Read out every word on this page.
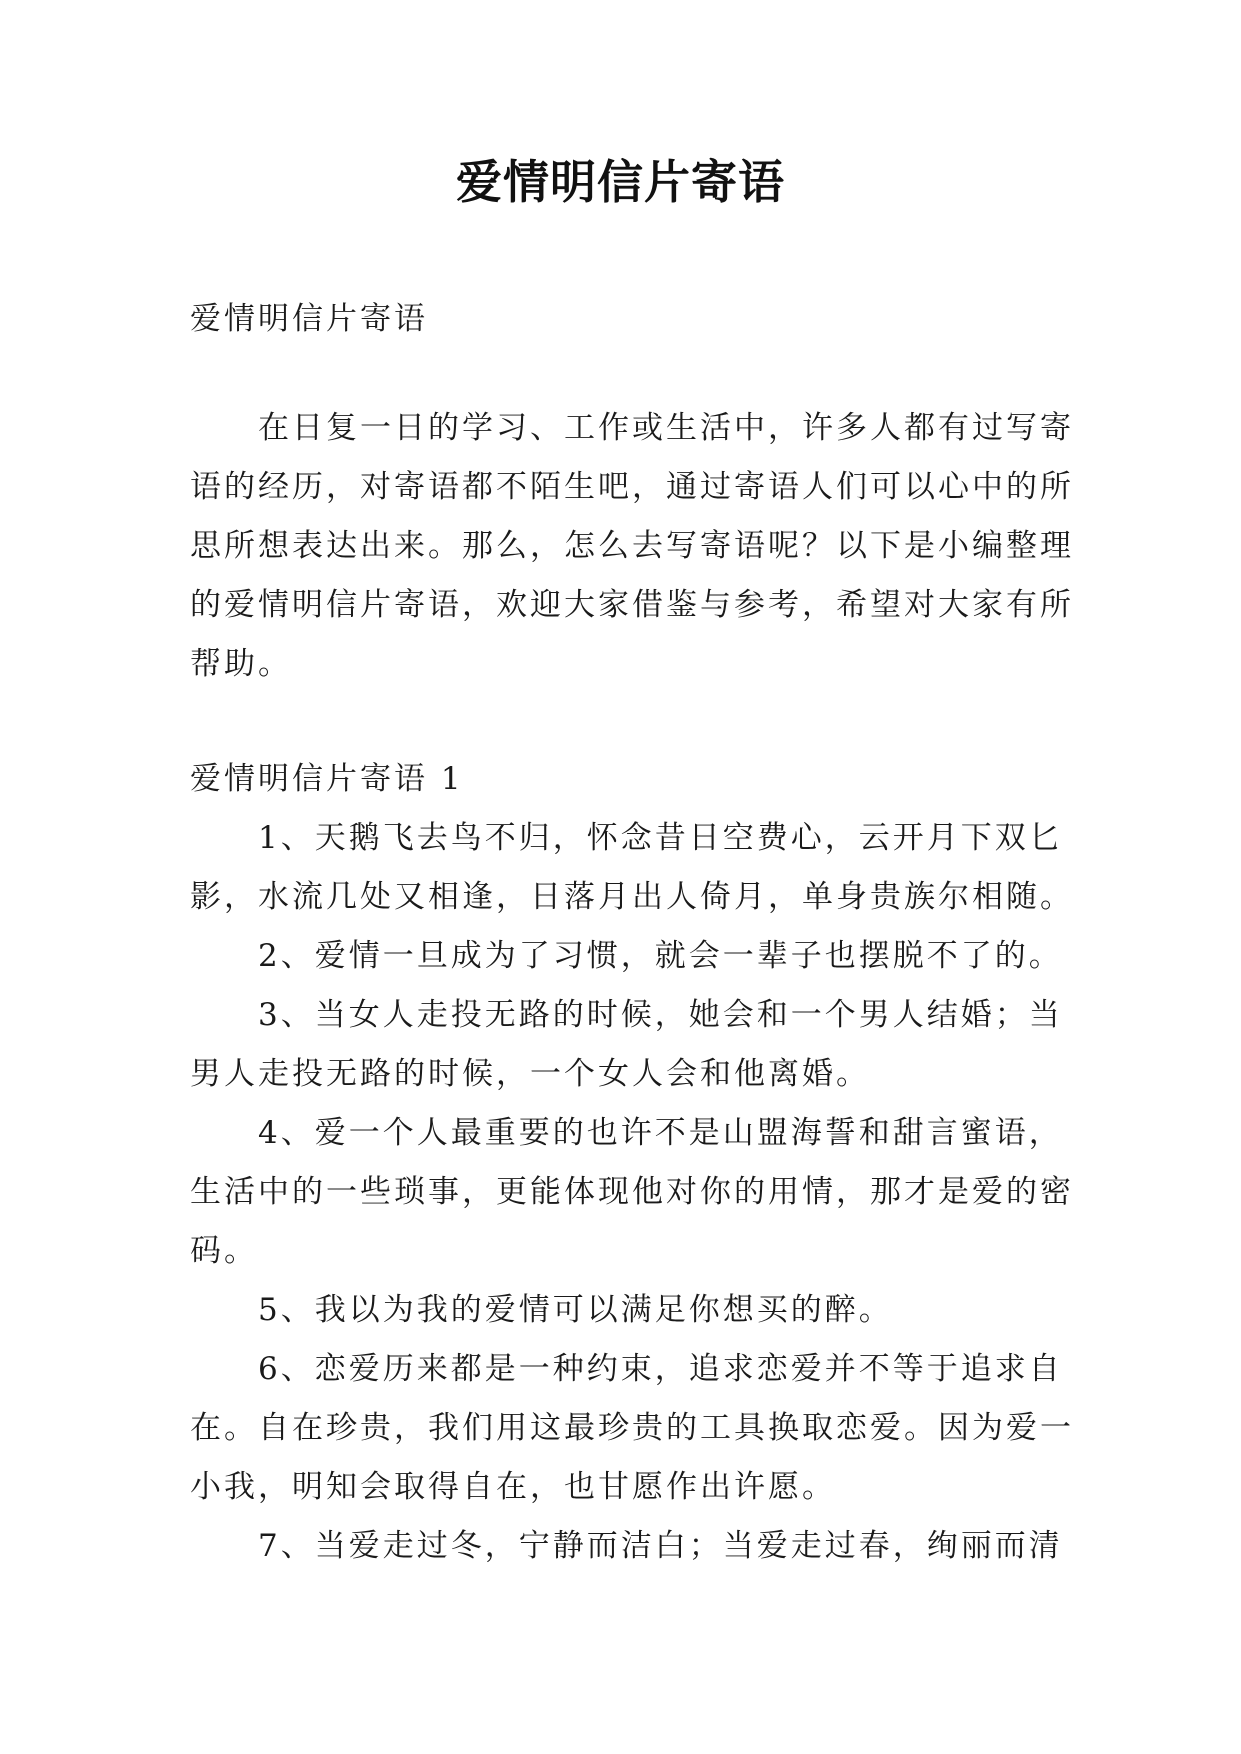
爱情明信片寄语
爱情明信片寄语
在日复一日的学习、工作或生活中，许多人都有过写寄
语的经历，对寄语都不陌生吧，通过寄语人们可以心中的所
思所想表达出来。那么，怎么去写寄语呢？以下是小编整理
的爱情明信片寄语，欢迎大家借鉴与参考，希望对大家有所
帮助。
爱情明信片寄语 1
1、天鹅飞去鸟不归，怀念昔日空费心，云开月下双匕
影，水流几处又相逢，日落月出人倚月，单身贵族尔相随。
2、爱情一旦成为了习惯，就会一辈子也摆脱不了的。
3、当女人走投无路的时候，她会和一个男人结婚；当
男人走投无路的时候，一个女人会和他离婚。
4、爱一个人最重要的也许不是山盟海誓和甜言蜜语，
生活中的一些琐事，更能体现他对你的用情，那才是爱的密
码。
5、我以为我的爱情可以满足你想买的醉。
6、恋爱历来都是一种约束，追求恋爱并不等于追求自
在。自在珍贵，我们用这最珍贵的工具换取恋爱。因为爱一
小我，明知会取得自在，也甘愿作出许愿。
7、当爱走过冬，宁静而洁白；当爱走过春，绚丽而清
